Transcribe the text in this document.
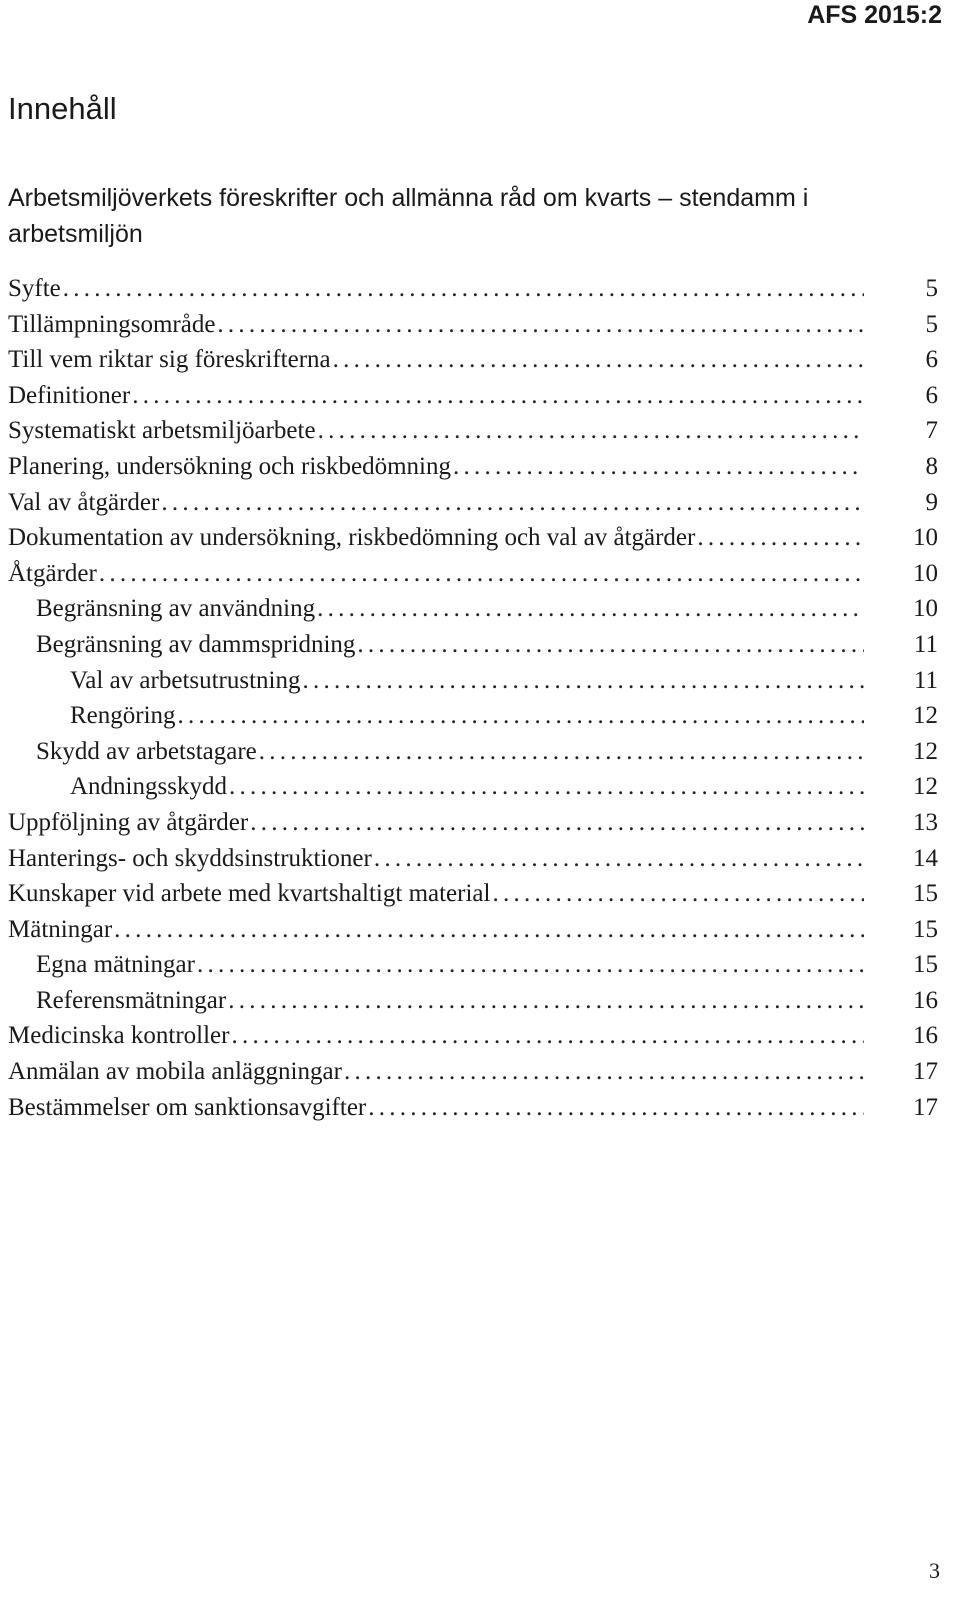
AFS 2015:2
Innehåll
Arbetsmiljöverkets föreskrifter och allmänna råd om kvarts – stendamm i arbetsmiljön
Syfte . . .	5
Tillämpningsområde . . .	5
Till vem riktar sig föreskrifterna . . .	6
Definitioner . . .	6
Systematiskt arbetsmiljöarbete . . .	7
Planering, undersökning och riskbedömning . . .	8
Val av åtgärder . . .	9
Dokumentation av undersökning, riskbedömning och val av åtgärder . . .	10
Åtgärder . . .	10
Begränsning av användning . . .	10
Begränsning av dammspridning . . .	11
Val av arbetsutrustning . . .	11
Rengöring . . .	12
Skydd av arbetstagare . . .	12
Andningsskydd . . .	12
Uppföljning av åtgärder . . .	13
Hanterings- och skyddsinstruktioner . . .	14
Kunskaper vid arbete med kvartshaltigt material . . .	15
Mätningar . . .	15
Egna mätningar . . .	15
Referensmätningar . . .	16
Medicinska kontroller . . .	16
Anmälan av mobila anläggningar . . .	17
Bestämmelser om sanktionsavgifter . . .	17
3
